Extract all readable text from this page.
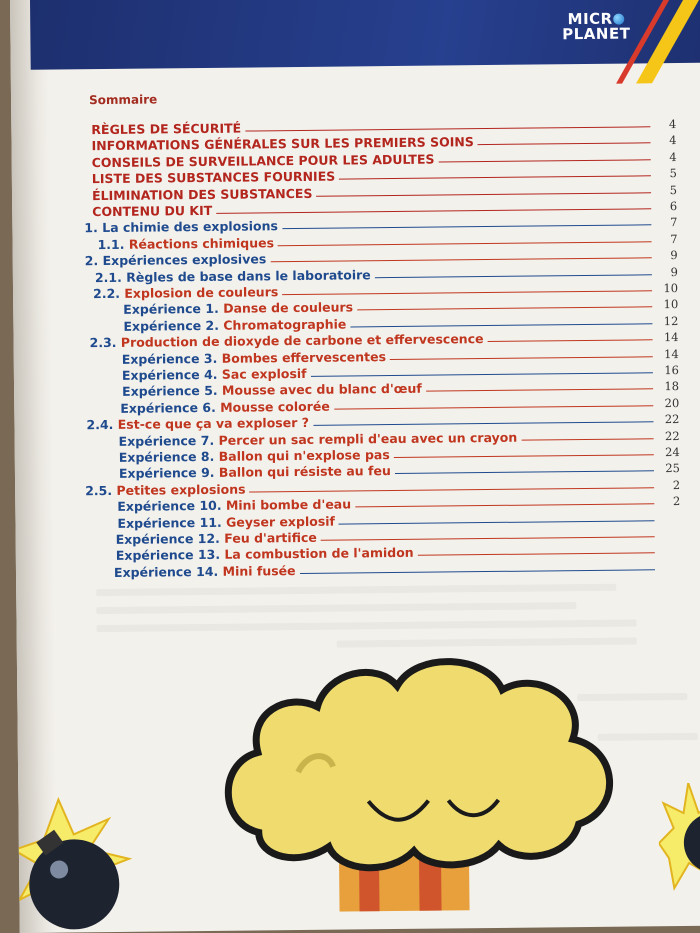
MICR
PLANET
Sommaire
RÈGLES DE SÉCURITÉ	4
INFORMATIONS GÉNÉRALES SUR LES PREMIERS SOINS	4
CONSEILS DE SURVEILLANCE POUR LES ADULTES	4
LISTE DES SUBSTANCES FOURNIES	5
ÉLIMINATION DES SUBSTANCES	5
CONTENU DU KIT	6
1. La chimie des explosions	7
1.1. Réactions chimiques	7
2. Expériences explosives	9
2.1. Règles de base dans le laboratoire	9
2.2. Explosion de couleurs	10
Expérience 1. Danse de couleurs	10
Expérience 2. Chromatographie	12
2.3. Production de dioxyde de carbone et effervescence	14
Expérience 3. Bombes effervescentes	14
Expérience 4. Sac explosif	16
Expérience 5. Mousse avec du blanc d'œuf	18
Expérience 6. Mousse colorée	20
2.4. Est-ce que ça va exploser ?	22
Expérience 7. Percer un sac rempli d'eau avec un crayon	22
Expérience 8. Ballon qui n'explose pas	24
Expérience 9. Ballon qui résiste au feu	25
2.5. Petites explosions	2
Expérience 10. Mini bombe d'eau	2
Expérience 11. Geyser explosif
Expérience 12. Feu d'artifice
Expérience 13. La combustion de l'amidon
Expérience 14. Mini fusée
